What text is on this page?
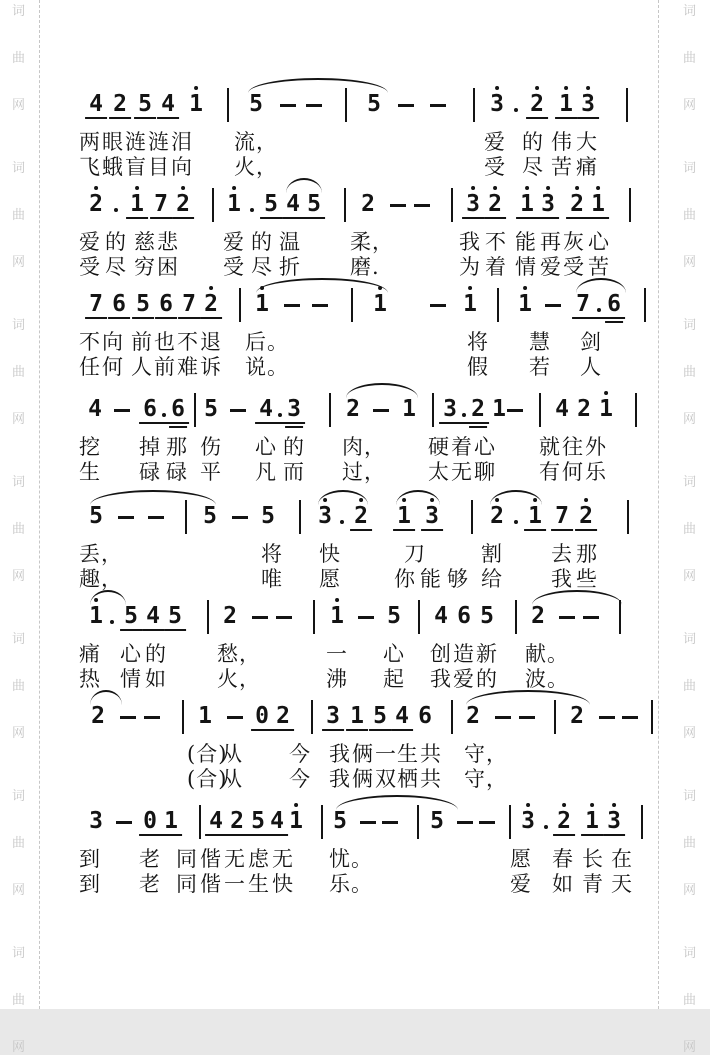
词
曲
网
词
曲
网
词
曲
网
词
曲
网
词
曲
网
词
曲
网
词
曲
网
词
曲
网
词
曲
网
词
曲
网
词
曲
网
词
曲
网
词
曲
网
词
曲
网
4 2 5 4 1 5	5	3 2 1 3
两 眼 涟 涟 泪 流，	爱 的 伟 大
飞 蛾 盲 目 向 火，	受 尽 苦 痛
2 1 7 2 1 5 4 5 2	3 2 1 3 2 1
爱 的 慈 悲 爱 的 温 柔，	我 不 能 再 灰 心
受 尽 穷 困 受 尽 折 磨.	为 着 情 爱 受 苦
7 6 5 6 7 2 1	1	1 1 7 6
不 向 前 也 不 退 后。	将 慧 剑
任 何 人 前 难 诉 说。	假 若 人
4 6 6 5 4 3 2 1 3 2 1 4 2 1
挖 掉 那 伤 心 的 肉， 硬 着 心 就 往 外
生 碌 碌 平 凡 而 过， 太 无 聊 有 何 乐
5	5 5 3 2 1 3 2 1 7 2
丢，	将 快	刀	割 去 那
趣，	唯 愿	你 能 够 给 我 些
1 5 4 5 2	1 5 4 6 5 2
痛 心 的 愁，	一 心 创 造 新 献。
热 情 如 火，	沸 起 我 爱 的 波。
2	1 0 2 3 1 5 4 6 2	2
(合)
从 今 我 俩 一 生 共 守，
(合)
从 今 我 俩 双 栖 共 守，
3 0 1 4 2 5 4 1 5	5	3 2 1 3
到 老 同 偕 无 虑 无 忧。	愿 春 长 在
到 老 同 偕 一 生 快 乐。	爱 如 青 天
